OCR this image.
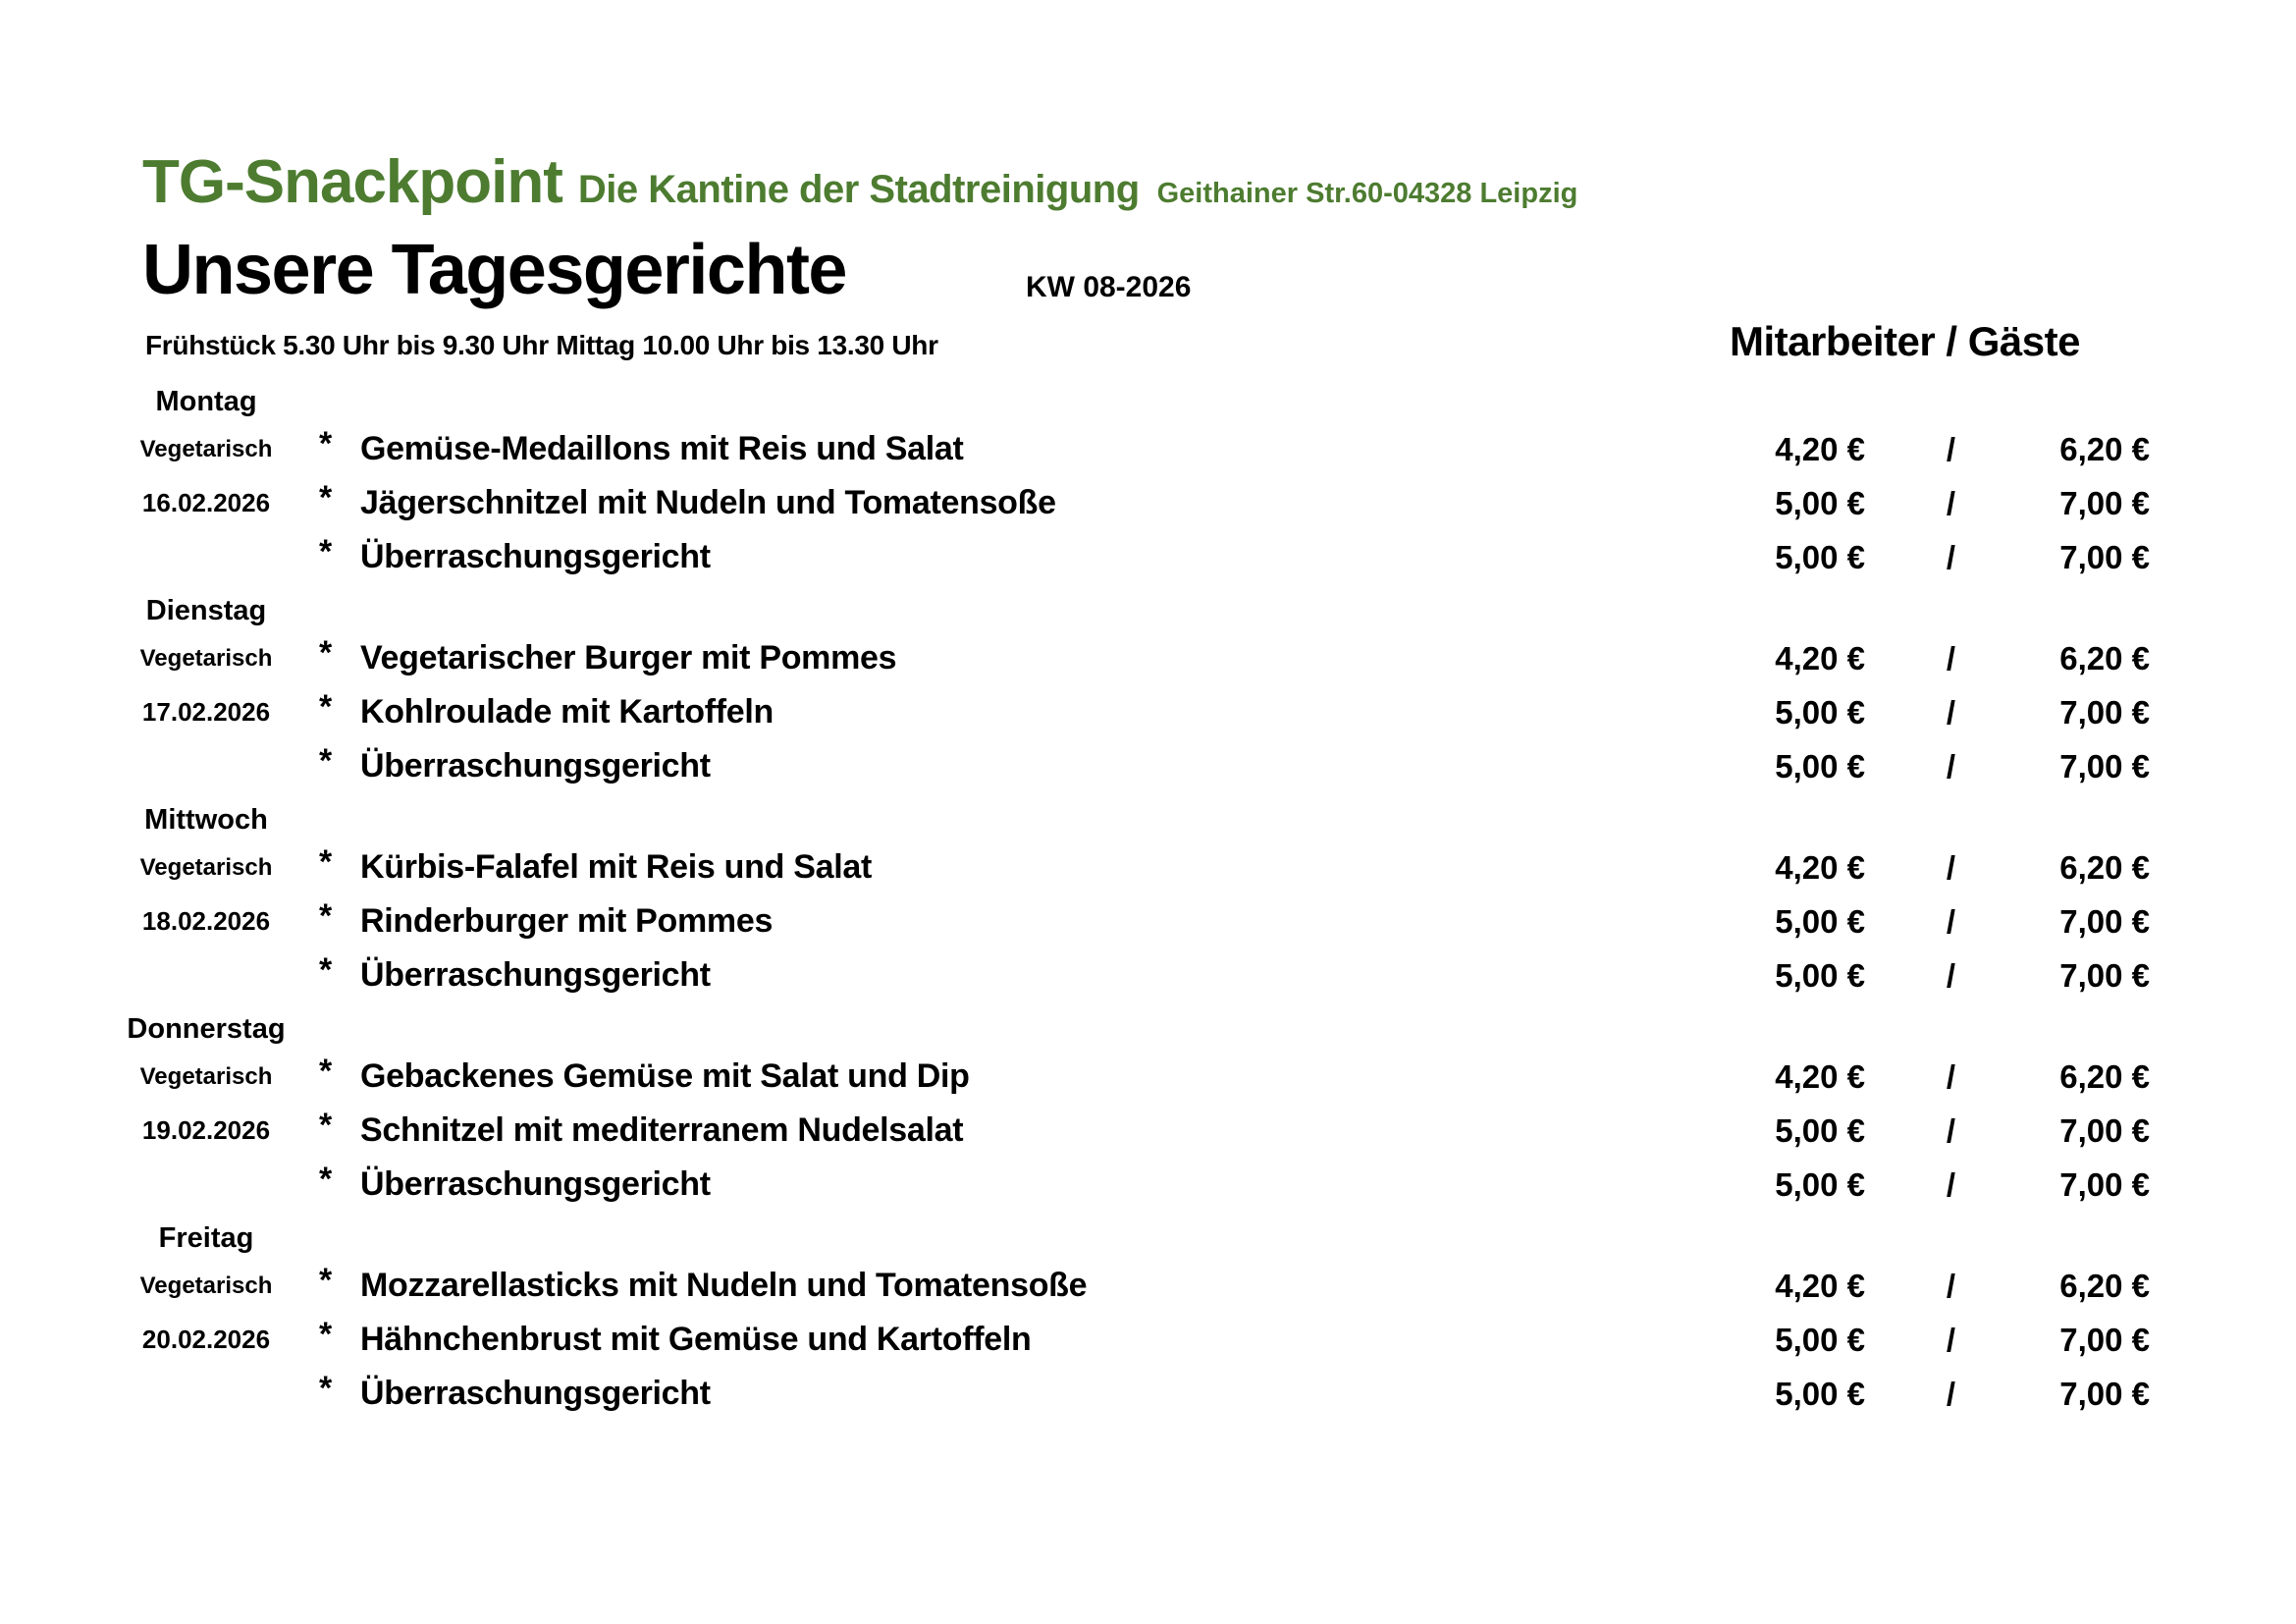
TG-Snackpoint Die Kantine der Stadtreinigung Geithainer Str.60-04328 Leipzig
Unsere Tagesgerichte	KW 08-2026
Frühstück 5.30 Uhr bis 9.30 Uhr Mittag 10.00 Uhr bis 13.30 Uhr	Mitarbeiter / Gäste
Montag
Vegetarisch	* Gemüse-Medaillons mit Reis und Salat	4,20 €	/	6,20 €
16.02.2026	* Jägerschnitzel mit Nudeln und Tomatensoße	5,00 €	/	7,00 €
* Überraschungsgericht	5,00 €	/	7,00 €
Dienstag
Vegetarisch	* Vegetarischer Burger mit Pommes	4,20 €	/	6,20 €
17.02.2026	* Kohlroulade mit Kartoffeln	5,00 €	/	7,00 €
* Überraschungsgericht	5,00 €	/	7,00 €
Mittwoch
Vegetarisch	* Kürbis-Falafel mit Reis und Salat	4,20 €	/	6,20 €
18.02.2026	* Rinderburger mit Pommes	5,00 €	/	7,00 €
* Überraschungsgericht	5,00 €	/	7,00 €
Donnerstag
Vegetarisch	* Gebackenes Gemüse mit Salat und Dip	4,20 €	/	6,20 €
19.02.2026	* Schnitzel mit mediterranem Nudelsalat	5,00 €	/	7,00 €
* Überraschungsgericht	5,00 €	/	7,00 €
Freitag
Vegetarisch	* Mozzarellasticks mit Nudeln und Tomatensoße	4,20 €	/	6,20 €
20.02.2026	* Hähnchenbrust mit Gemüse und Kartoffeln	5,00 €	/	7,00 €
* Überraschungsgericht	5,00 €	/	7,00 €
